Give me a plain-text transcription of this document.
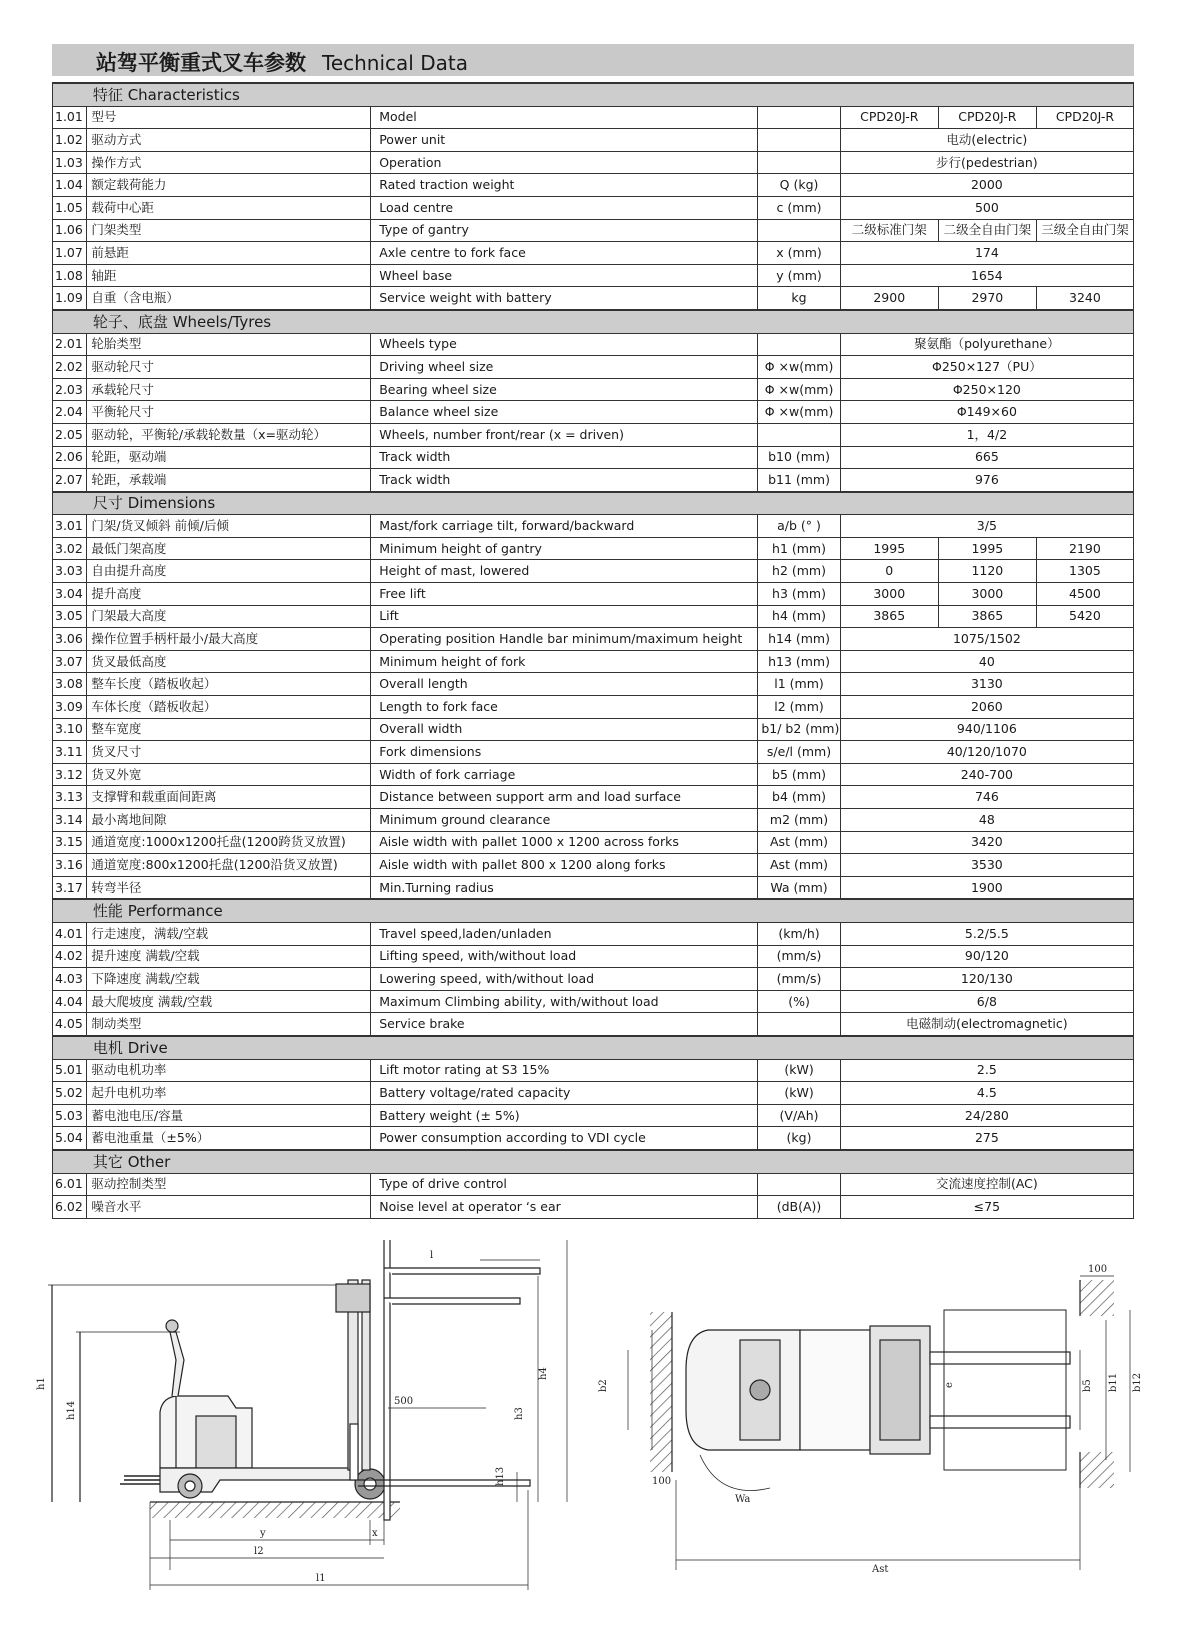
站驾平衡重式叉车参数 Technical Data
	特征 Characteristics					
1.01	型号	Model		CPD20J-R	CPD20J-R	CPD20J-R
1.02	驱动方式	Power unit		电动(electric)		
1.03	操作方式	Operation		步行(pedestrian)		
1.04	额定载荷能力	Rated traction weight	Q (kg)	2000		
1.05	载荷中心距	Load centre	c (mm)	500		
1.06	门架类型	Type of gantry		二级标准门架	二级全自由门架	三级全自由门架
1.07	前悬距	Axle centre to fork face	x (mm)	174		
1.08	轴距	Wheel base	y (mm)	1654		
1.09	自重（含电瓶）	Service weight with battery	kg	2900	2970	3240
	轮子、底盘 Wheels/Tyres					
2.01	轮胎类型	Wheels type		聚氨酯（polyurethane）		
2.02	驱动轮尺寸	Driving wheel size	Φ ×w(mm)	Φ250×127（PU）		
2.03	承载轮尺寸	Bearing wheel size	Φ ×w(mm)	Φ250×120		
2.04	平衡轮尺寸	Balance wheel size	Φ ×w(mm)	Φ149×60		
2.05	驱动轮，平衡轮/承载轮数量（x=驱动轮）	Wheels, number front/rear (x = driven)		1，4/2		
2.06	轮距，驱动端	Track width	b10 (mm)	665		
2.07	轮距，承载端	Track width	b11 (mm)	976		
	尺寸 Dimensions					
3.01	门架/货叉倾斜 前倾/后倾	Mast/fork carriage tilt, forward/backward	a/b (° )	3/5		
3.02	最低门架高度	Minimum height of gantry	h1 (mm)	1995	1995	2190
3.03	自由提升高度	Height of mast, lowered	h2 (mm)	0	1120	1305
3.04	提升高度	Free lift	h3 (mm)	3000	3000	4500
3.05	门架最大高度	Lift	h4 (mm)	3865	3865	5420
3.06	操作位置手柄杆最小/最大高度	Operating position Handle bar minimum/maximum height	h14 (mm)	1075/1502		
3.07	货叉最低高度	Minimum height of fork	h13 (mm)	40		
3.08	整车长度（踏板收起）	Overall length	l1 (mm)	3130		
3.09	车体长度（踏板收起）	Length to fork face	l2 (mm)	2060		
3.10	整车宽度	Overall width	b1/ b2 (mm)	940/1106		
3.11	货叉尺寸	Fork dimensions	s/e/l (mm)	40/120/1070		
3.12	货叉外宽	Width of fork carriage	b5 (mm)	240-700		
3.13	支撑臂和载重面间距离	Distance between support arm and load surface	b4 (mm)	746		
3.14	最小离地间隙	Minimum ground clearance	m2 (mm)	48		
3.15	通道宽度:1000x1200托盘(1200跨货叉放置)	Aisle width with pallet 1000 x 1200 across forks	Ast (mm)	3420		
3.16	通道宽度:800x1200托盘(1200沿货叉放置)	Aisle width with pallet 800 x 1200 along forks	Ast (mm)	3530		
3.17	转弯半径	Min.Turning radius	Wa (mm)	1900		
	性能 Performance					
4.01	行走速度，满载/空载	Travel speed,laden/unladen	(km/h)	5.2/5.5		
4.02	提升速度 满载/空载	Lifting speed, with/without load	(mm/s)	90/120		
4.03	下降速度 满载/空载	Lowering speed, with/without load	(mm/s)	120/130		
4.04	最大爬坡度 满载/空载	Maximum Climbing ability, with/without load	(%)	6/8		
4.05	制动类型	Service brake		电磁制动(electromagnetic)		
	电机 Drive					
5.01	驱动电机功率	Lift motor rating at S3 15%	(kW)	2.5		
5.02	起升电机功率	Battery voltage/rated capacity	(kW)	4.5		
5.03	蓄电池电压/容量	Battery weight (± 5%)	(V/Ah)	24/280		
5.04	蓄电池重量（±5%）	Power consumption according to VDI cycle	(kg)	275		
	其它 Other					
6.01	驱动控制类型	Type of drive control		交流速度控制(AC)		
6.02	噪音水平	Noise level at operator ‘s ear	(dB(A))	≤75		
h1
h14
h4
h3
h13
l
500
y	x
l2
l1
100
b2	e	b5 b11 b12
100
Wa
Ast
